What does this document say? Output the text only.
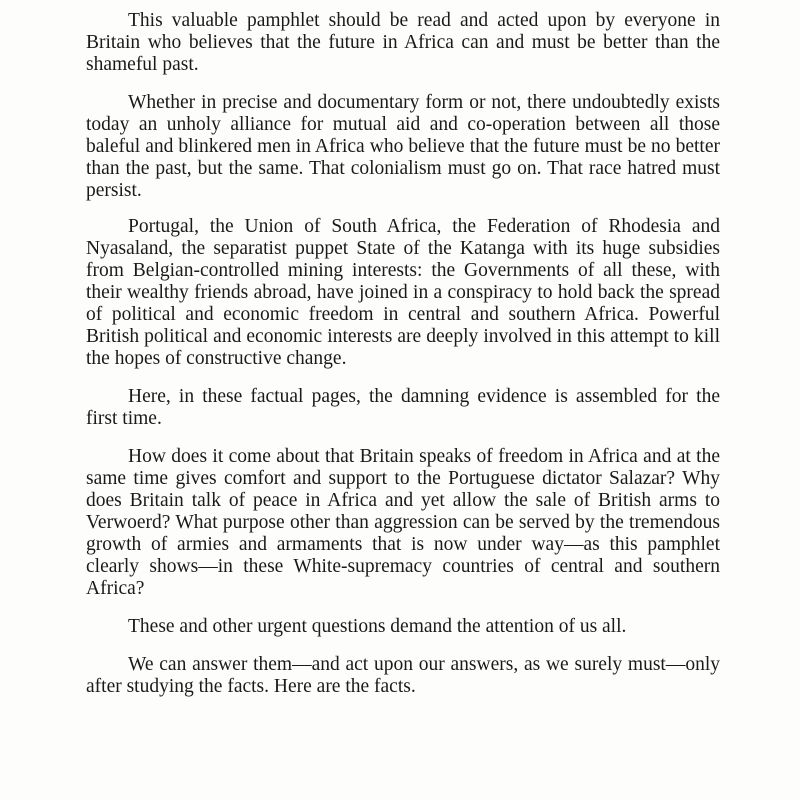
This valuable pamphlet should be read and acted upon by everyone in Britain who believes that the future in Africa can and must be better than the shameful past.

Whether in precise and documentary form or not, there undoubtedly exists today an unholy alliance for mutual aid and co-operation between all those baleful and blinkered men in Africa who believe that the future must be no better than the past, but the same. That colonialism must go on. That race hatred must persist.

Portugal, the Union of South Africa, the Federation of Rhodesia and Nyasaland, the separatist puppet State of the Katanga with its huge subsidies from Belgian-controlled mining interests: the Governments of all these, with their wealthy friends abroad, have joined in a conspiracy to hold back the spread of political and economic freedom in central and southern Africa. Powerful British political and economic interests are deeply involved in this attempt to kill the hopes of constructive change.

Here, in these factual pages, the damning evidence is assembled for the first time.

How does it come about that Britain speaks of freedom in Africa and at the same time gives comfort and support to the Portuguese dictator Salazar? Why does Britain talk of peace in Africa and yet allow the sale of British arms to Verwoerd? What purpose other than aggression can be served by the tremendous growth of armies and armaments that is now under way—as this pamphlet clearly shows—in these White-supremacy countries of central and southern Africa?

These and other urgent questions demand the attention of us all.

We can answer them—and act upon our answers, as we surely must—only after studying the facts. Here are the facts.
